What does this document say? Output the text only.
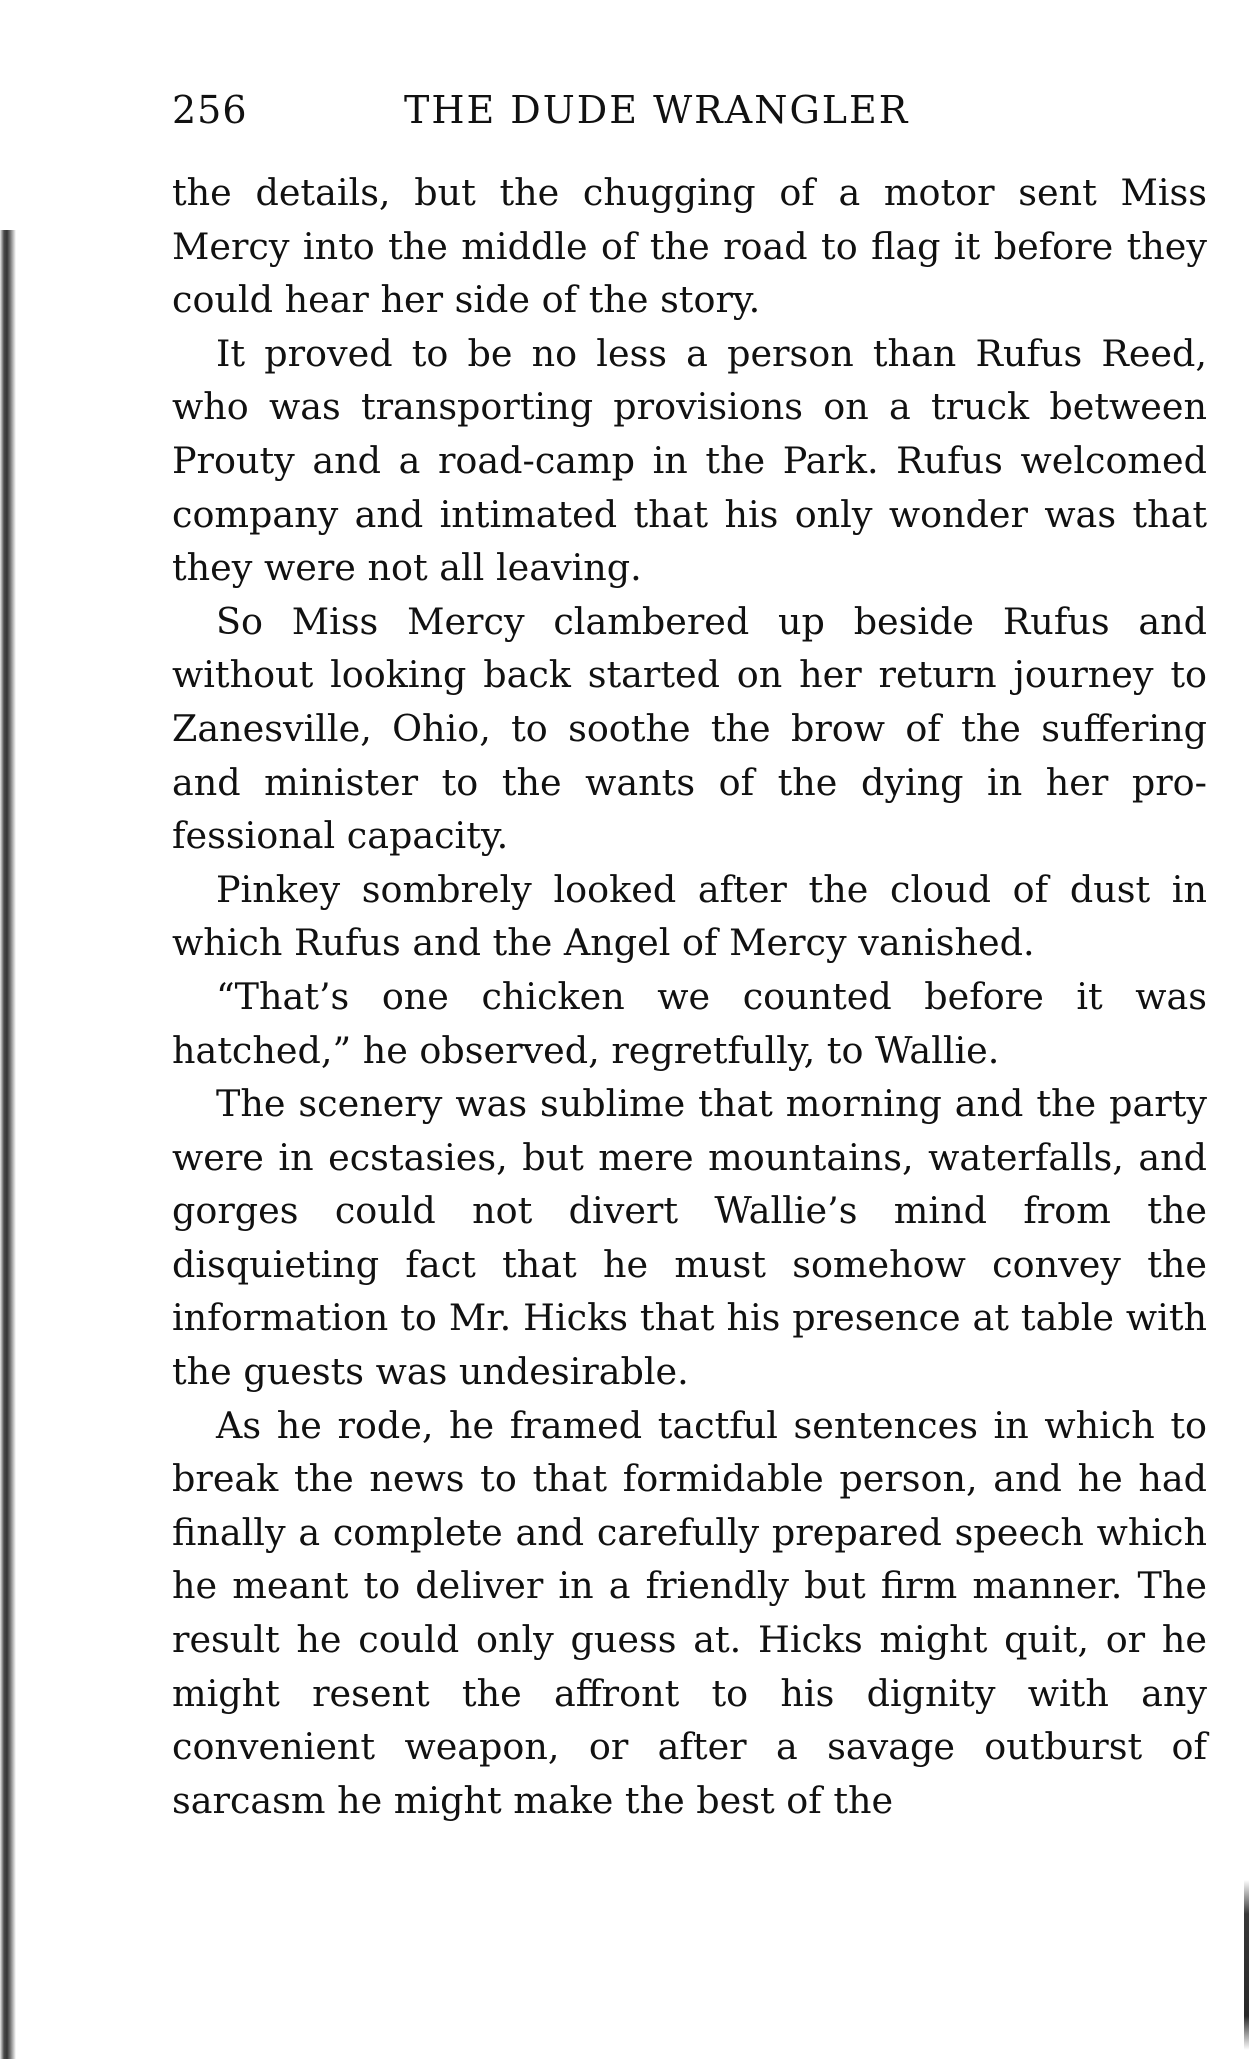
256	THE DUDE WRANGLER

the details, but the chugging of a motor sent Miss Mercy into the middle of the road to flag it before they could hear her side of the story.

It proved to be no less a person than Rufus Reed, who was transporting provisions on a truck between Prouty and a road-camp in the Park. Rufus welcomed company and intimated that his only wonder was that they were not all leaving.

So Miss Mercy clambered up beside Rufus and without looking back started on her return journey to Zanesville, Ohio, to soothe the brow of the suffering and minister to the wants of the dying in her professional capacity.

Pinkey sombrely looked after the cloud of dust in which Rufus and the Angel of Mercy vanished.

“That’s one chicken we counted before it was hatched,” he observed, regretfully, to Wallie.

The scenery was sublime that morning and the party were in ecstasies, but mere mountains, waterfalls, and gorges could not divert Wallie’s mind from the disquieting fact that he must somehow convey the information to Mr. Hicks that his presence at table with the guests was undesirable.

As he rode, he framed tactful sentences in which to break the news to that formidable person, and he had finally a complete and carefully prepared speech which he meant to deliver in a friendly but firm manner. The result he could only guess at. Hicks might quit, or he might resent the affront to his dignity with any convenient weapon, or after a savage outburst of sarcasm he might make the best of the
